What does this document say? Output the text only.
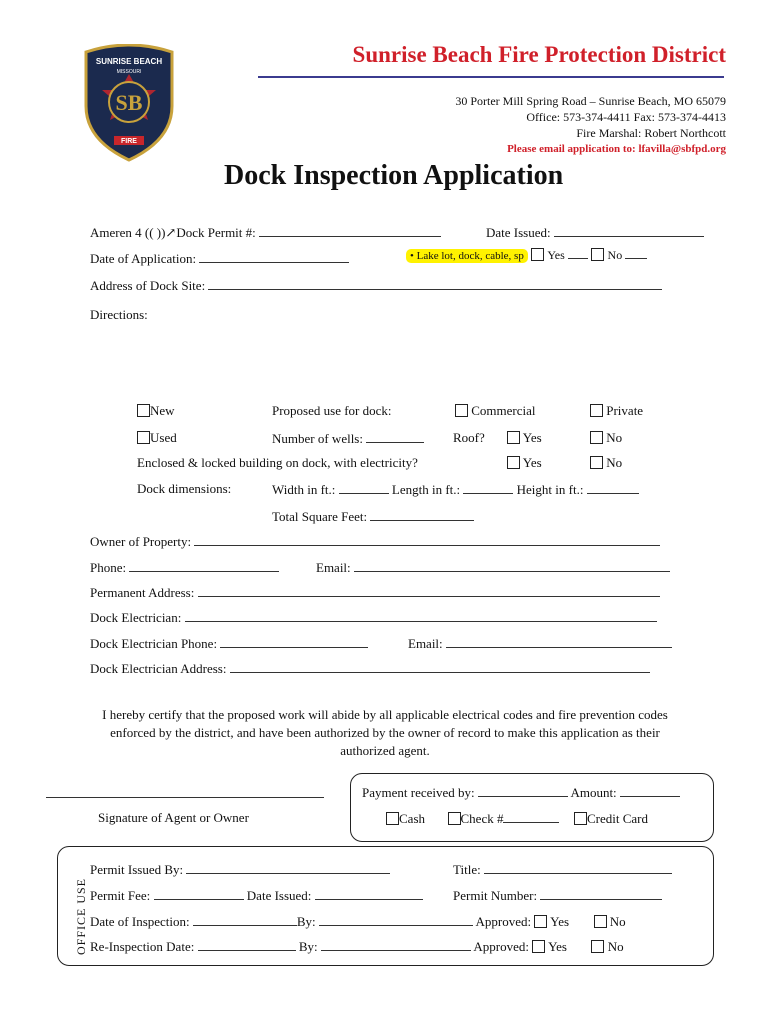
SB
SUNRISE BEACH
MISSOURI
FIRE
Sunrise Beach Fire Protection District
30 Porter Mill Spring Road – Sunrise Beach, MO 65079
Office: 573-374-4411 Fax: 573-374-4413
Fire Marshal: Robert Northcott
Please email application to: lfavilla@sbfpd.org
Dock Inspection Application
Ameren 4 (( ))↗Dock Permit #:	Date Issued:
Date of Application:	• Lake lot, dock, cable, sp Yes	No
Address of Dock Site:
Directions:
New	Proposed use for dock:	Commercial	Private
Used	Number of wells:	Roof?	Yes	No
Enclosed & locked building on dock, with electricity?	Yes	No
Dock dimensions:	Width in ft.:	Length in ft.:	Height in ft.:
Total Square Feet:
Owner of Property:
Phone:	Email:
Permanent Address:
Dock Electrician:
Dock Electrician Phone:	Email:
Dock Electrician Address:
I hereby certify that the proposed work will abide by all applicable electrical codes and fire prevention codes
enforced by the district, and have been authorized by the owner of record to make this application as their
authorized agent.
Signature of Agent or Owner
Payment received by:	Amount:
Cash	Check #	Credit Card
OFFICE USE
Permit Issued By:	Title:
Permit Fee:	Date Issued:	Permit Number:
Date of Inspection:	By:	Approved: Yes	No
Re-Inspection Date:	By:	Approved: Yes	No
